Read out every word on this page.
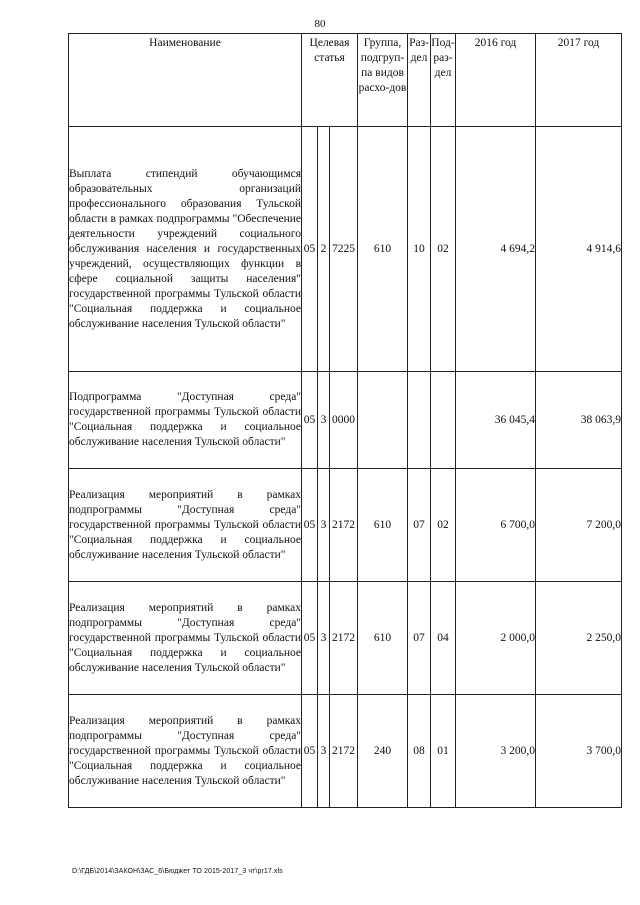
80
Наименование	Целевая статья			Группа, подгруп-па видов расхо-дов	Раз-дел	Под-раз-дел	2016 год	2017 год
Выплата стипендий обучающимся образовательных организаций профессионального образования Тульской области в рамках подпрограммы "Обеспечение деятельности учреждений социального обслуживания населения и государственных учреждений, осуществляющих функции в сфере социальной защиты населения" государственной программы Тульской области "Социальная поддержка и социальное обслуживание населения Тульской области"	05	2	7225	610	10	02	4 694,2	4 914,6
Подпрограмма "Доступная среда" государственной программы Тульской области "Социальная поддержка и социальное обслуживание населения Тульской области"	05	3	0000				36 045,4	38 063,9
Реализация мероприятий в рамках подпрограммы "Доступная среда" государственной программы Тульской области "Социальная поддержка и социальное обслуживание населения Тульской области"	05	3	2172	610	07	02	6 700,0	7 200,0
Реализация мероприятий в рамках подпрограммы "Доступная среда" государственной программы Тульской области "Социальная поддержка и социальное обслуживание населения Тульской области"	05	3	2172	610	07	04	2 000,0	2 250,0
Реализация мероприятий в рамках подпрограммы "Доступная среда" государственной программы Тульской области "Социальная поддержка и социальное обслуживание населения Тульской области"	05	3	2172	240	08	01	3 200,0	3 700,0
D:\ГДБ\2014\ЗАКОН\ЗАС_6\Бюджет ТО 2015-2017_3 чт\рr17.xls
